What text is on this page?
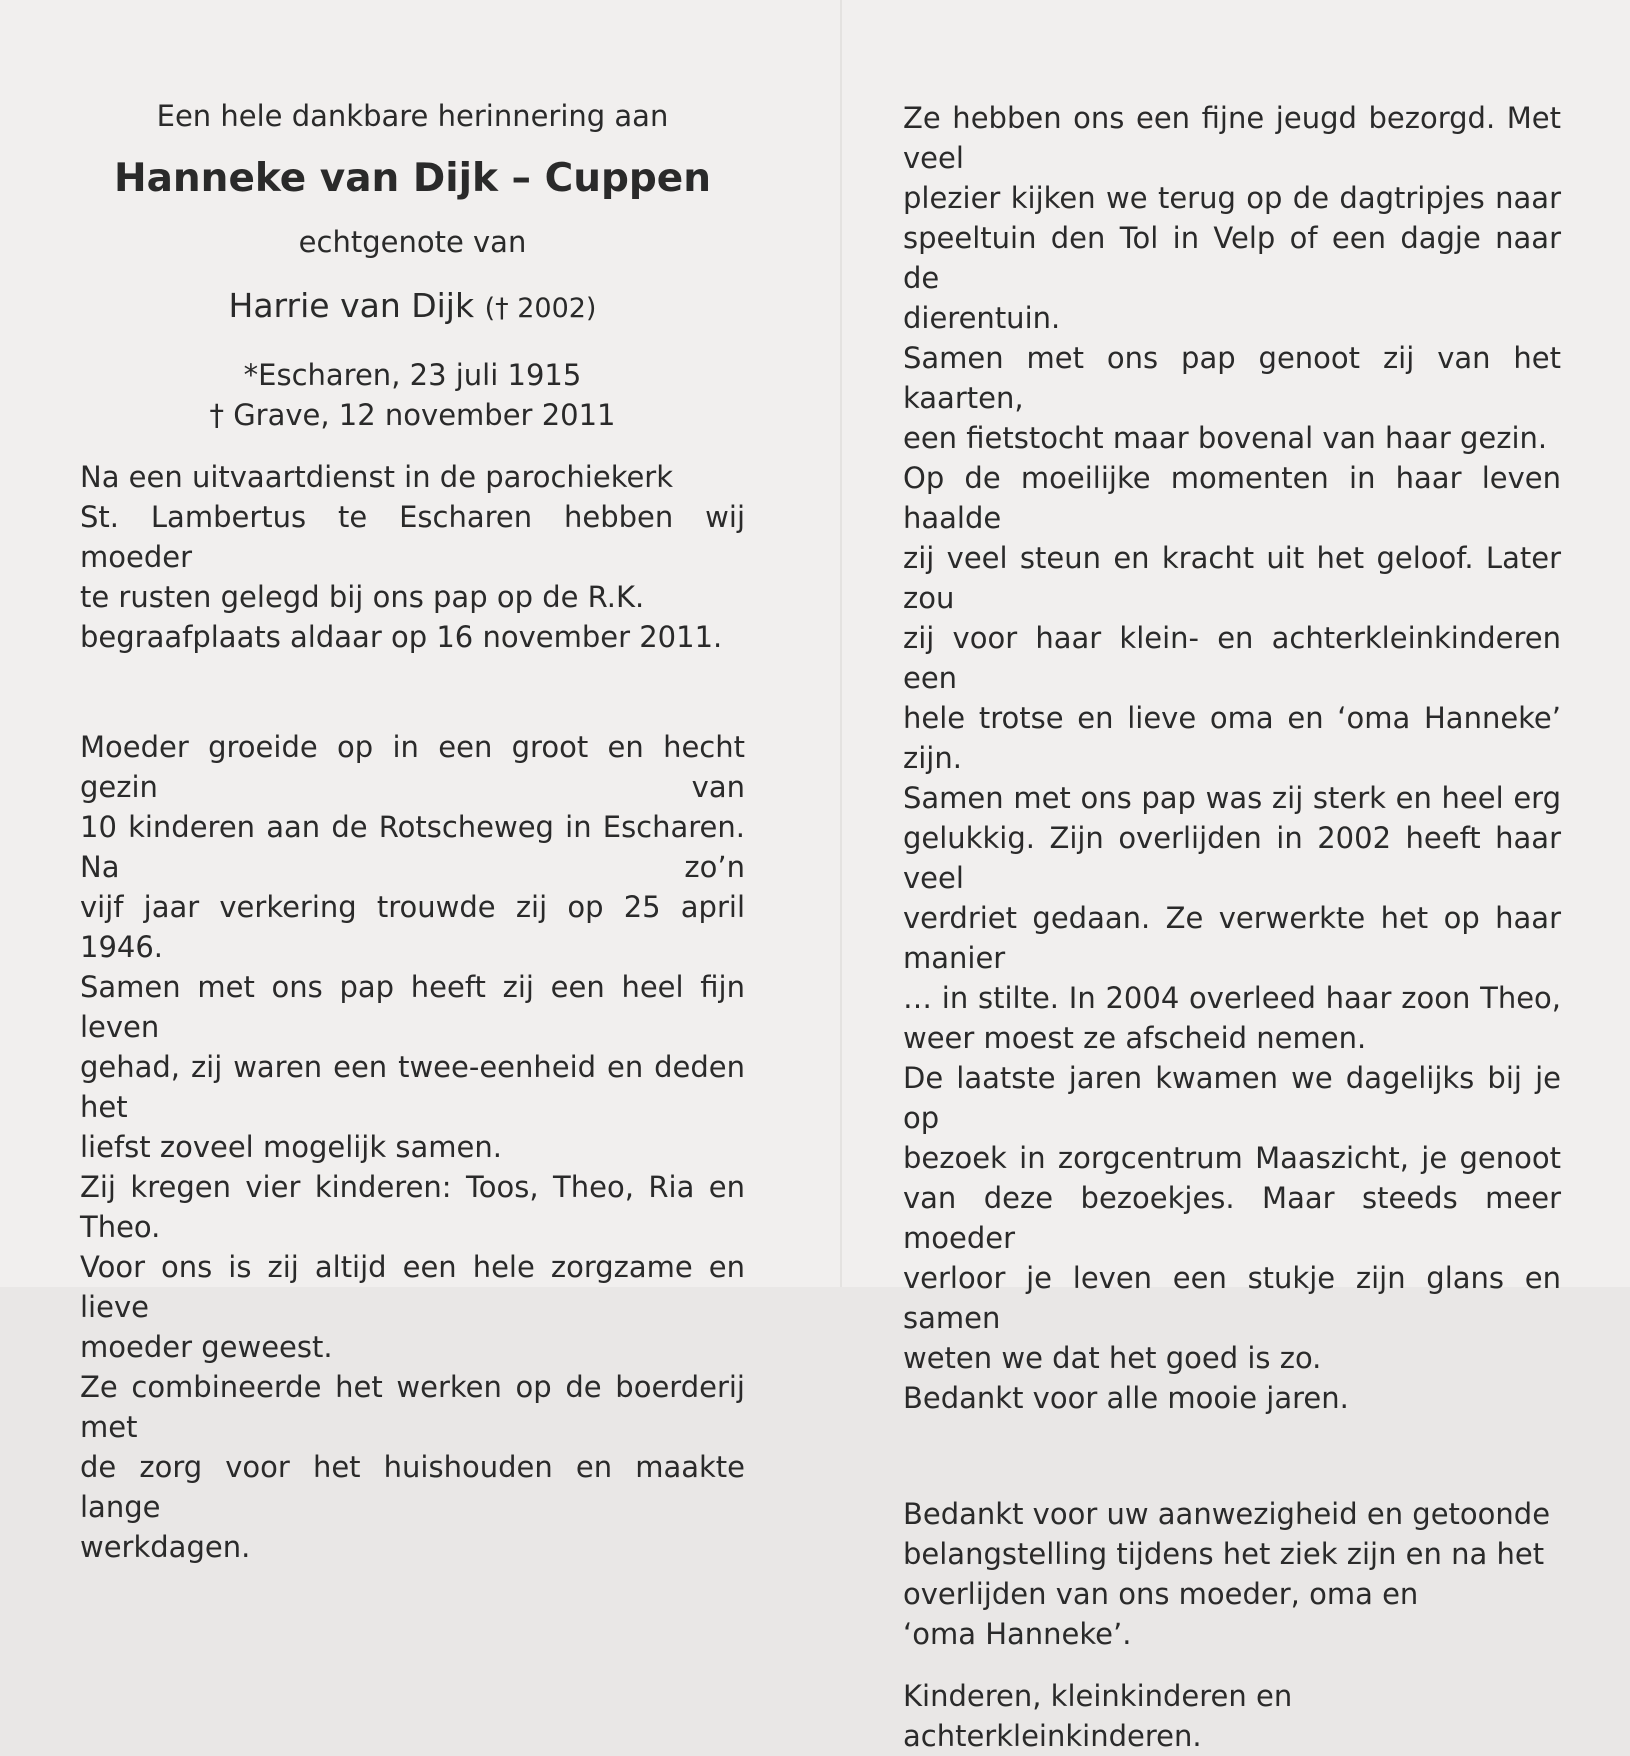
Een hele dankbare herinnering aan
Hanneke van Dijk – Cuppen
echtgenote van
Harrie van Dijk († 2002)
*Escharen, 23 juli 1915
† Grave, 12 november 2011
Na een uitvaartdienst in de parochiekerk
St. Lambertus te Escharen hebben wij moeder
te rusten gelegd bij ons pap op de R.K.
begraafplaats aldaar op 16 november 2011.
Moeder groeide op in een groot en hecht gezin van
10 kinderen aan de Rotscheweg in Escharen. Na zo’n
vijf jaar verkering trouwde zij op 25 april 1946.
Samen met ons pap heeft zij een heel fijn leven
gehad, zij waren een twee-eenheid en deden het
liefst zoveel mogelijk samen.
Zij kregen vier kinderen: Toos, Theo, Ria en Theo.
Voor ons is zij altijd een hele zorgzame en lieve
moeder geweest.
Ze combineerde het werken op de boerderij met
de zorg voor het huishouden en maakte lange
werkdagen.
Ze hebben ons een fijne jeugd bezorgd. Met veel
plezier kijken we terug op de dagtripjes naar
speeltuin den Tol in Velp of een dagje naar de
dierentuin.
Samen met ons pap genoot zij van het kaarten,
een fietstocht maar bovenal van haar gezin.
Op de moeilijke momenten in haar leven haalde
zij veel steun en kracht uit het geloof. Later zou
zij voor haar klein- en achterkleinkinderen een
hele trotse en lieve oma en ‘oma Hanneke’ zijn.
Samen met ons pap was zij sterk en heel erg
gelukkig. Zijn overlijden in 2002 heeft haar veel
verdriet gedaan. Ze verwerkte het op haar manier
… in stilte. In 2004 overleed haar zoon Theo,
weer moest ze afscheid nemen.
De laatste jaren kwamen we dagelijks bij je op
bezoek in zorgcentrum Maaszicht, je genoot
van deze bezoekjes. Maar steeds meer moeder
verloor je leven een stukje zijn glans en samen
weten we dat het goed is zo.
Bedankt voor alle mooie jaren.
Bedankt voor uw aanwezigheid en getoonde
belangstelling tijdens het ziek zijn en na het
overlijden van ons moeder, oma en
‘oma Hanneke’.
Kinderen, kleinkinderen en achterkleinkinderen.
